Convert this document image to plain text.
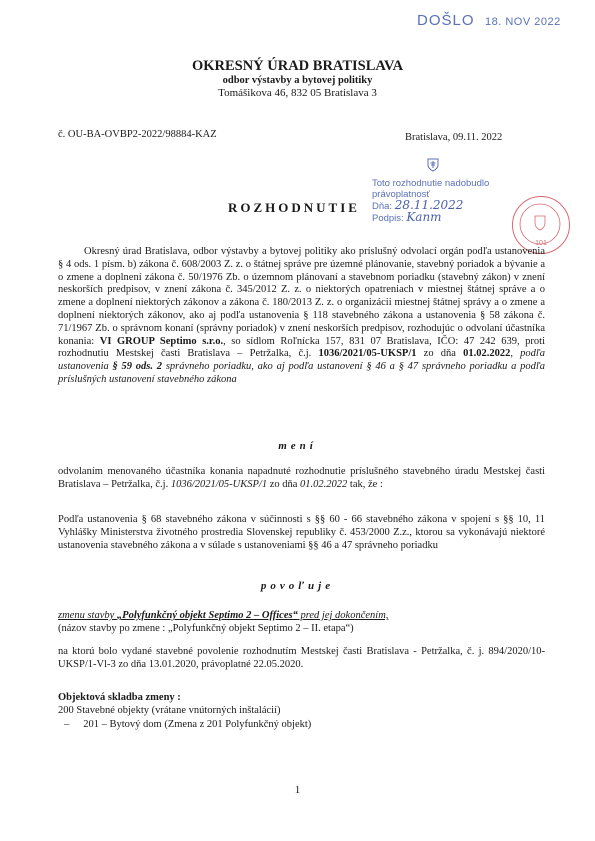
DOŠLO 18. NOV 2022
OKRESNÝ ÚRAD BRATISLAVA
odbor výstavby a bytovej politiky
Tomášikova 46, 832 05 Bratislava 3
č. OU-BA-OVBP2-2022/98884-KAZ	Bratislava, 09.11. 2022
Toto rozhodnutie nadobudlo
právoplatnosť
Dňa: 28.11.2022
Podpis: Kanm
101
ROZHODNUTIE
Okresný úrad Bratislava, odbor výstavby a bytovej politiky ako príslušný odvolací orgán podľa ustanovenia § 4 ods. 1 písm. b) zákona č. 608/2003 Z. z. o štátnej správe pre územné plánovanie, stavebný poriadok a bývanie a o zmene a doplnení zákona č. 50/1976 Zb. o územnom plánovaní a stavebnom poriadku (stavebný zákon) v znení neskorších predpisov, v znení zákona č. 345/2012 Z. z. o niektorých opatreniach v miestnej štátnej správe a o zmene a doplnení niektorých zákonov a zákona č. 180/2013 Z. z. o organizácii miestnej štátnej správy a o zmene a doplnení niektorých zákonov, ako aj podľa ustanovenia § 118 stavebného zákona a ustanovenia § 58 zákona č. 71/1967 Zb. o správnom konaní (správny poriadok) v znení neskorších predpisov, rozhodujúc o odvolaní účastníka konania: VI GROUP Septimo s.r.o., so sídlom Roľnícka 157, 831 07 Bratislava, IČO: 47 242 639, proti rozhodnutiu Mestskej časti Bratislava – Petržalka, č.j. 1036/2021/05-UKSP/1 zo dňa 01.02.2022, podľa ustanovenia § 59 ods. 2 správneho poriadku, ako aj podľa ustanovení § 46 a § 47 správneho poriadku a podľa príslušných ustanovení stavebného zákona
mení
odvolaním menovaného účastníka konania napadnuté rozhodnutie príslušného stavebného úradu Mestskej časti Bratislava – Petržalka, č.j. 1036/2021/05-UKSP/1 zo dňa 01.02.2022 tak, že :
Podľa ustanovenia § 68 stavebného zákona v súčinnosti s §§ 60 - 66 stavebného zákona v spojení s §§ 10, 11 Vyhlášky Ministerstva životného prostredia Slovenskej republiky č. 453/2000 Z.z., ktorou sa vykonávajú niektoré ustanovenia stavebného zákona a v súlade s ustanoveniami §§ 46 a 47 správneho poriadku
povoľuje
zmenu stavby „Polyfunkčný objekt Septimo 2 – Offices“ pred jej dokončením,
(názov stavby po zmene : „Polyfunkčný objekt Septimo 2 – II. etapa“)
na ktorú bolo vydané stavebné povolenie rozhodnutím Mestskej časti Bratislava - Petržalka, č. j. 894/2020/10- UKSP/1-Vl-3 zo dňa 13.01.2020, právoplatné 22.05.2020.
Objektová skladba zmeny :
200 Stavebné objekty (vrátane vnútorných inštalácií)
– 201 – Bytový dom (Zmena z 201 Polyfunkčný objekt)
1
